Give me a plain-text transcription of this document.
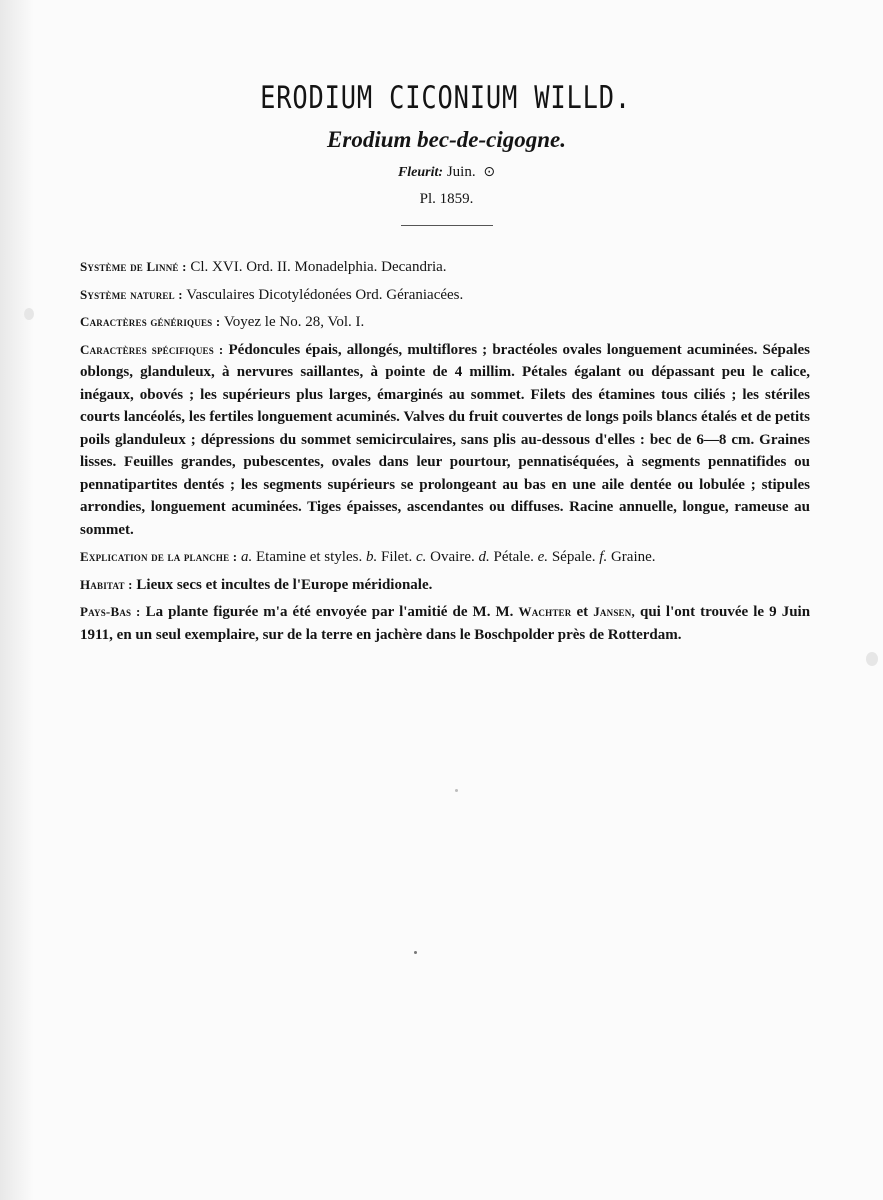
ERODIUM CICONIUM WILLD.
Erodium bec-de-cigogne.
Fleurit: Juin. ⊙
Pl. 1859.

Système de Linné : Cl. XVI. Ord. II. Monadelphia. Decandria.

Système naturel : Vasculaires Dicotylédonées Ord. Géraniacées.

Caractères génériques : Voyez le No. 28, Vol. I.

Caractères spécifiques : Pédoncules épais, allongés, multiflores ; bractéoles ovales longuement acuminées. Sépales oblongs, glanduleux, à nervures saillantes, à pointe de 4 millim. Pétales égalant ou dépassant peu le calice, inégaux, obovés ; les supérieurs plus larges, émarginés au sommet. Filets des étamines tous ciliés ; les stériles courts lancéolés, les fertiles longuement acuminés. Valves du fruit couvertes de longs poils blancs étalés et de petits poils glanduleux ; dépressions du sommet semicirculaires, sans plis au-dessous d'elles : bec de 6—8 cm. Graines lisses. Feuilles grandes, pubescentes, ovales dans leur pourtour, pennatiséquées, à segments pennatifides ou pennatipartites dentés ; les segments supérieurs se prolongeant au bas en une aile dentée ou lobulée ; stipules arrondies, longuement acuminées. Tiges épaisses, ascendantes ou diffuses. Racine annuelle, longue, rameuse au sommet.

Explication de la planche : a. Etamine et styles. b. Filet. c. Ovaire. d. Pétale. e. Sépale. f. Graine.

Habitat : Lieux secs et incultes de l'Europe méridionale.

Pays-Bas : La plante figurée m'a été envoyée par l'amitié de M. M. Wachter et Jansen, qui l'ont trouvée le 9 Juin 1911, en un seul exemplaire, sur de la terre en jachère dans le Boschpolder près de Rotterdam.
